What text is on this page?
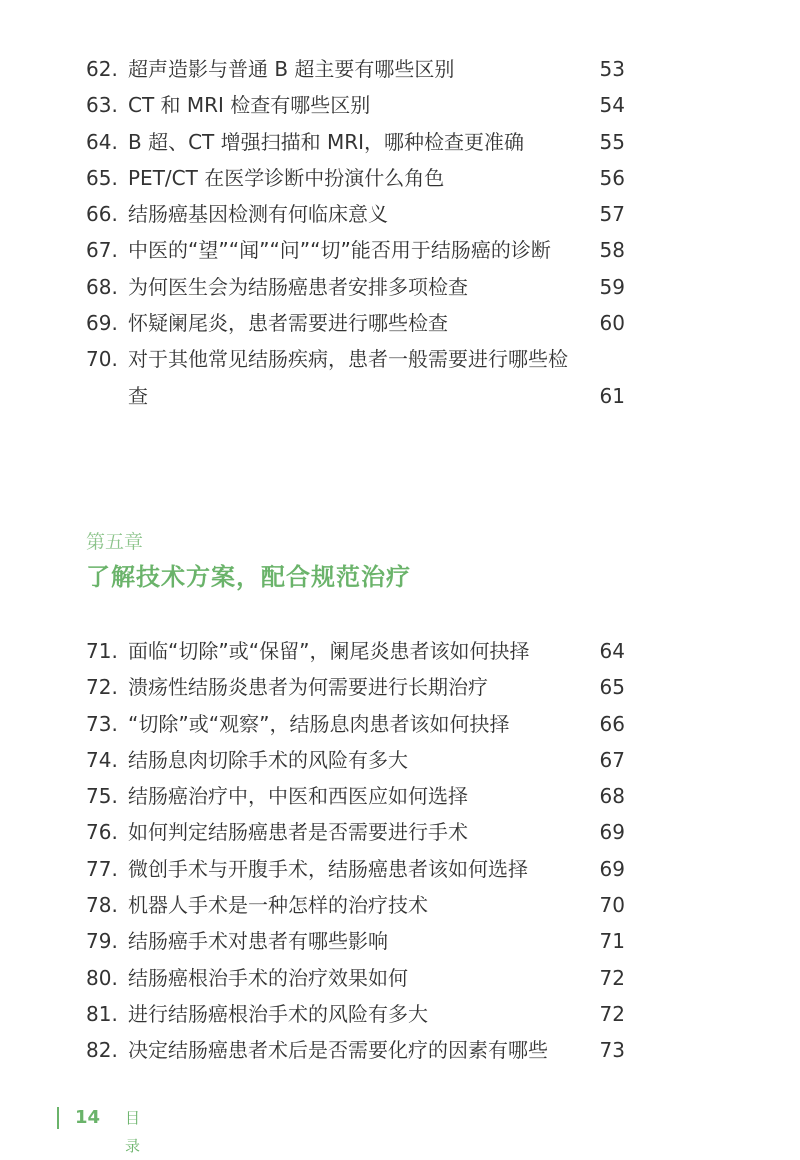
62. 超声造影与普通 B 超主要有哪些区别	53
63. CT 和 MRI 检查有哪些区别	54
64. B 超、CT 增强扫描和 MRI，哪种检查更准确	55
65. PET/CT 在医学诊断中扮演什么角色	56
66. 结肠癌基因检测有何临床意义	57
67. 中医的“望”“闻”“问”“切”能否用于结肠癌的诊断	58
68. 为何医生会为结肠癌患者安排多项检查	59
69. 怀疑阑尾炎，患者需要进行哪些检查	60
70. 对于其他常见结肠疾病，患者一般需要进行哪些检查	61
第五章
了解技术方案，配合规范治疗
71. 面临“切除”或“保留”，阑尾炎患者该如何抉择	64
72. 溃疡性结肠炎患者为何需要进行长期治疗	65
73. “切除”或“观察”，结肠息肉患者该如何抉择	66
74. 结肠息肉切除手术的风险有多大	67
75. 结肠癌治疗中，中医和西医应如何选择	68
76. 如何判定结肠癌患者是否需要进行手术	69
77. 微创手术与开腹手术，结肠癌患者该如何选择	69
78. 机器人手术是一种怎样的治疗技术	70
79. 结肠癌手术对患者有哪些影响	71
80. 结肠癌根治手术的治疗效果如何	72
81. 进行结肠癌根治手术的风险有多大	72
82. 决定结肠癌患者术后是否需要化疗的因素有哪些	73
14 目 录
